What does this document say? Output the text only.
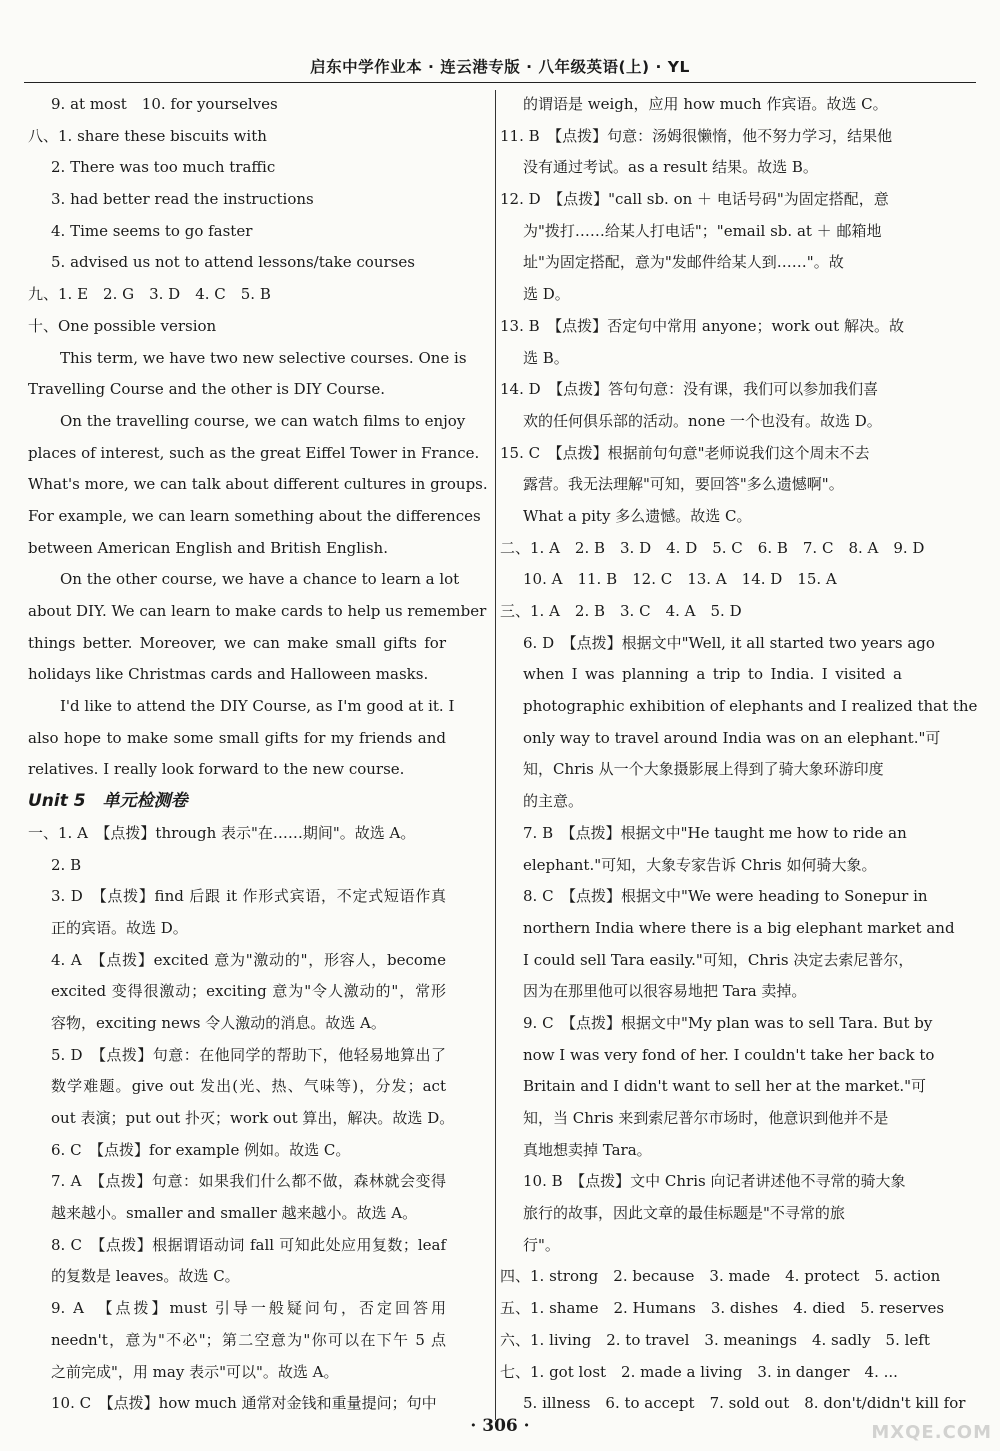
启东中学作业本 · 连云港专版 · 八年级英语(上) · YL
9. at most　10. for yourselves
八、1. share these biscuits with
2. There was too much traffic
3. had better read the instructions
4. Time seems to go faster
5. advised us not to attend lessons/take courses
九、1. E　2. G　3. D　4. C　5. B
十、One possible version
This term, we have two new selective courses. One is
Travelling Course and the other is DIY Course.
On the travelling course, we can watch films to enjoy
places of interest, such as the great Eiffel Tower in France.
What's more, we can talk about different cultures in groups.
For example, we can learn something about the differences
between American English and British English.
On the other course, we have a chance to learn a lot
about DIY. We can learn to make cards to help us remember
things better. Moreover, we can make small gifts for
holidays like Christmas cards and Halloween masks.
I'd like to attend the DIY Course, as I'm good at it. I
also hope to make some small gifts for my friends and
relatives. I really look forward to the new course.
Unit 5　单元检测卷
一、1. A　【点拨】through 表示"在……期间"。故选 A。
2. B
3. D　【点拨】find 后跟 it 作形式宾语，不定式短语作真
正的宾语。故选 D。
4. A　【点拨】excited 意为"激动的"，形容人，become
excited 变得很激动；exciting 意为"令人激动的"，常形
容物，exciting news 令人激动的消息。故选 A。
5. D　【点拨】句意：在他同学的帮助下，他轻易地算出了
数学难题。give out 发出(光、热、气味等)，分发；act
out 表演；put out 扑灭；work out 算出，解决。故选 D。
6. C　【点拨】for example 例如。故选 C。
7. A　【点拨】句意：如果我们什么都不做，森林就会变得
越来越小。smaller and smaller 越来越小。故选 A。
8. C　【点拨】根据谓语动词 fall 可知此处应用复数；leaf
的复数是 leaves。故选 C。
9. A　【点拨】must 引导一般疑问句，否定回答用
needn't，意为"不必"；第二空意为"你可以在下午 5 点
之前完成"，用 may 表示"可以"。故选 A。
10. C　【点拨】how much 通常对金钱和重量提问；句中
的谓语是 weigh，应用 how much 作宾语。故选 C。
11. B　【点拨】句意：汤姆很懒惰，他不努力学习，结果他
没有通过考试。as a result 结果。故选 B。
12. D　【点拨】"call sb. on ＋ 电话号码"为固定搭配，意
为"拨打……给某人打电话"；"email sb. at ＋ 邮箱地
址"为固定搭配，意为"发邮件给某人到……"。故
选 D。
13. B　【点拨】否定句中常用 anyone；work out 解决。故
选 B。
14. D　【点拨】答句句意：没有课，我们可以参加我们喜
欢的任何俱乐部的活动。none 一个也没有。故选 D。
15. C　【点拨】根据前句句意"老师说我们这个周末不去
露营。我无法理解"可知，要回答"多么遗憾啊"。
What a pity 多么遗憾。故选 C。
二、1. A　2. B　3. D　4. D　5. C　6. B　7. C　8. A　9. D
10. A　11. B　12. C　13. A　14. D　15. A
三、1. A　2. B　3. C　4. A　5. D
6. D　【点拨】根据文中"Well, it all started two years ago
when I was planning a trip to India. I visited a
photographic exhibition of elephants and I realized that the
only way to travel around India was on an elephant."可
知，Chris 从一个大象摄影展上得到了骑大象环游印度
的主意。
7. B　【点拨】根据文中"He taught me how to ride an
elephant."可知，大象专家告诉 Chris 如何骑大象。
8. C　【点拨】根据文中"We were heading to Sonepur in
northern India where there is a big elephant market and
I could sell Tara easily."可知，Chris 决定去索尼普尔，
因为在那里他可以很容易地把 Tara 卖掉。
9. C　【点拨】根据文中"My plan was to sell Tara. But by
now I was very fond of her. I couldn't take her back to
Britain and I didn't want to sell her at the market."可
知，当 Chris 来到索尼普尔市场时，他意识到他并不是
真地想卖掉 Tara。
10. B　【点拨】文中 Chris 向记者讲述他不寻常的骑大象
旅行的故事，因此文章的最佳标题是"不寻常的旅
行"。
四、1. strong　2. because　3. made　4. protect　5. action
五、1. shame　2. Humans　3. dishes　4. died　5. reserves
六、1. living　2. to travel　3. meanings　4. sadly　5. left
七、1. got lost　2. made a living　3. in danger　4. ...
5. illness　6. to accept　7. sold out　8. don't/didn't kill for
· 306 ·	MXQE.COM
